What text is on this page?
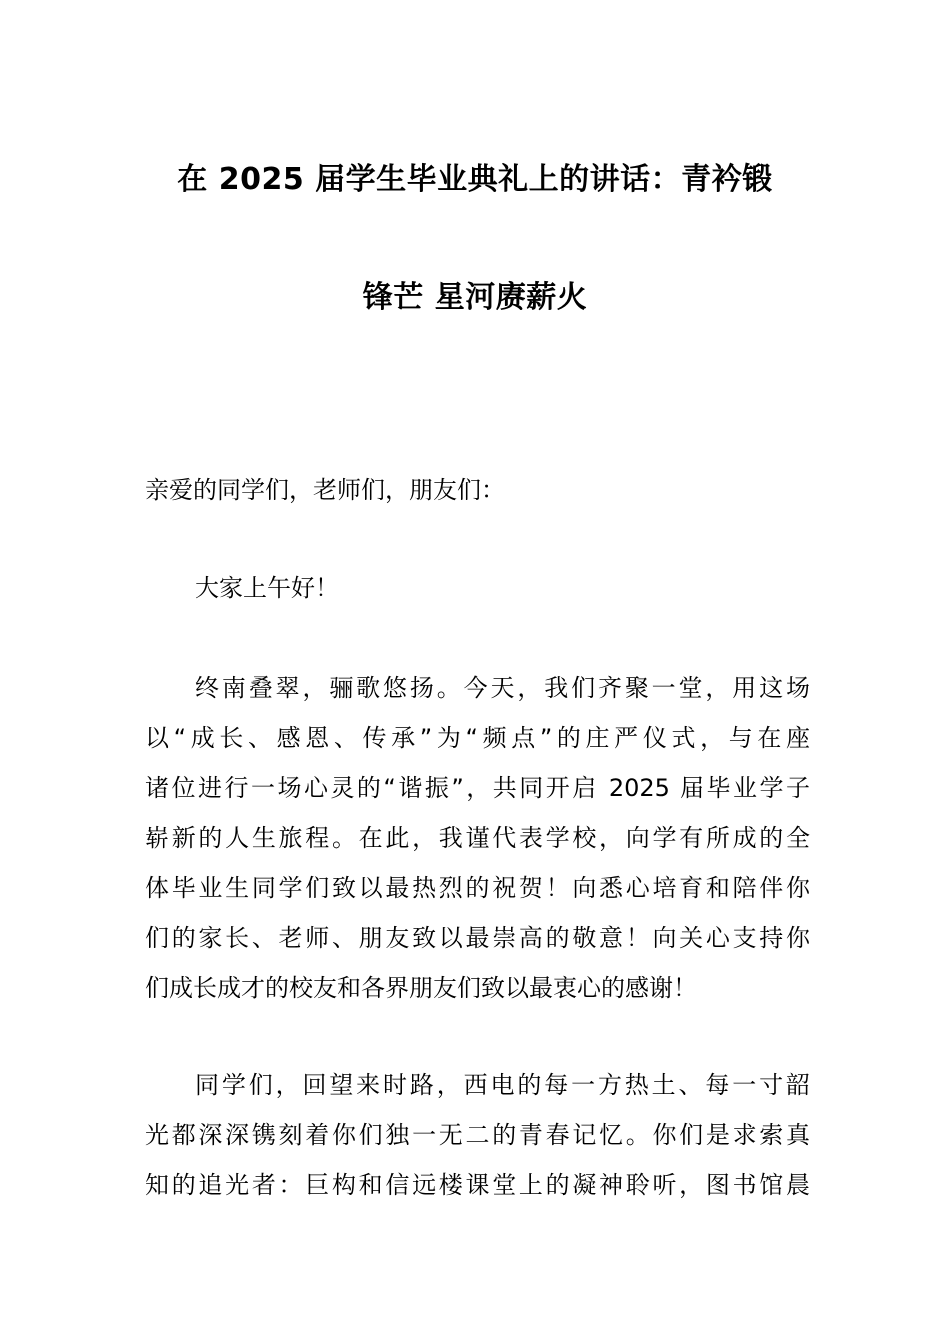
在 2025 届学生毕业典礼上的讲话：青衿锻
锋芒 星河赓薪火

亲爱的同学们，老师们，朋友们：

大家上午好！

终南叠翠，骊歌悠扬。今天，我们齐聚一堂，用这场
以“成长、感恩、传承”为“频点”的庄严仪式，与在座
诸位进行一场心灵的“谐振”，共同开启 2025 届毕业学子
崭新的人生旅程。在此，我谨代表学校，向学有所成的全
体毕业生同学们致以最热烈的祝贺！向悉心培育和陪伴你
们的家长、老师、朋友致以最崇高的敬意！向关心支持你
们成长成才的校友和各界朋友们致以最衷心的感谢！

同学们，回望来时路，西电的每一方热土、每一寸韶
光都深深镌刻着你们独一无二的青春记忆。你们是求索真
知的追光者：巨构和信远楼课堂上的凝神聆听，图书馆晨
